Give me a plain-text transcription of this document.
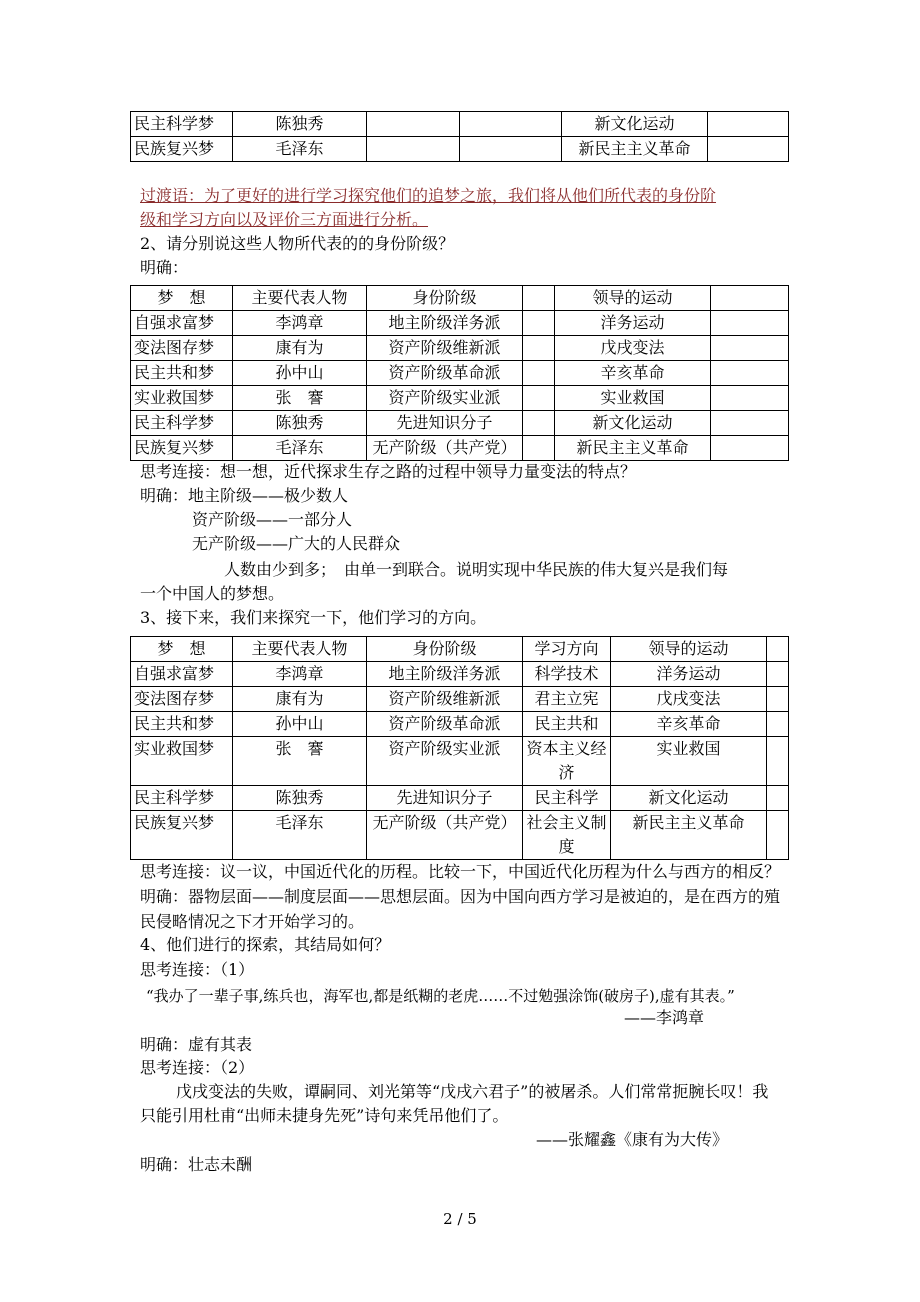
民主科学梦	陈独秀			新文化运动	
民族复兴梦	毛泽东			新民主主义革命	
过渡语：为了更好的进行学习探究他们的追梦之旅，我们将从他们所代表的身份阶
级和学习方向以及评价三方面进行分析。
2、请分别说这些人物所代表的的身份阶级？
明确：
梦　想	主要代表人物	身份阶级		领导的运动	
自强求富梦	李鸿章	地主阶级洋务派		洋务运动	
变法图存梦	康有为	资产阶级维新派		戊戌变法	
民主共和梦	孙中山	资产阶级革命派		辛亥革命	
实业救国梦	张　謇	资产阶级实业派		实业救国	
民主科学梦	陈独秀	先进知识分子		新文化运动	
民族复兴梦	毛泽东	无产阶级（共产党）		新民主主义革命	
思考连接：想一想，近代探求生存之路的过程中领导力量变法的特点？
明确：地主阶级——极少数人
资产阶级——一部分人
无产阶级——广大的人民群众
人数由少到多；　由单一到联合。说明实现中华民族的伟大复兴是我们每
一个中国人的梦想。
3、接下来，我们来探究一下，他们学习的方向。
梦　想	主要代表人物	身份阶级	学习方向	领导的运动	
自强求富梦	李鸿章	地主阶级洋务派	科学技术	洋务运动	
变法图存梦	康有为	资产阶级维新派	君主立宪	戊戌变法	
民主共和梦	孙中山	资产阶级革命派	民主共和	辛亥革命	
实业救国梦	张　謇	资产阶级实业派	资本主义经济	实业救国	
民主科学梦	陈独秀	先进知识分子	民主科学	新文化运动	
民族复兴梦	毛泽东	无产阶级（共产党）	社会主义制度	新民主主义革命	
思考连接：议一议，中国近代化的历程。比较一下，中国近代化历程为什么与西方的相反？
明确：器物层面——制度层面——思想层面。因为中国向西方学习是被迫的，是在西方的殖
民侵略情况之下才开始学习的。
4、他们进行的探索，其结局如何？
思考连接：（1）
“我办了一辈子事,练兵也，海军也,都是纸糊的老虎……不过勉强涂饰(破房子),虚有其表。”
——李鸿章
明确：虚有其表
思考连接：（2）
戊戌变法的失败，谭嗣同、刘光第等“戊戌六君子”的被屠杀。人们常常扼腕长叹！我
只能引用杜甫“出师未捷身先死”诗句来凭吊他们了。
——张耀鑫《康有为大传》
明确：壮志未酬
2 / 5
